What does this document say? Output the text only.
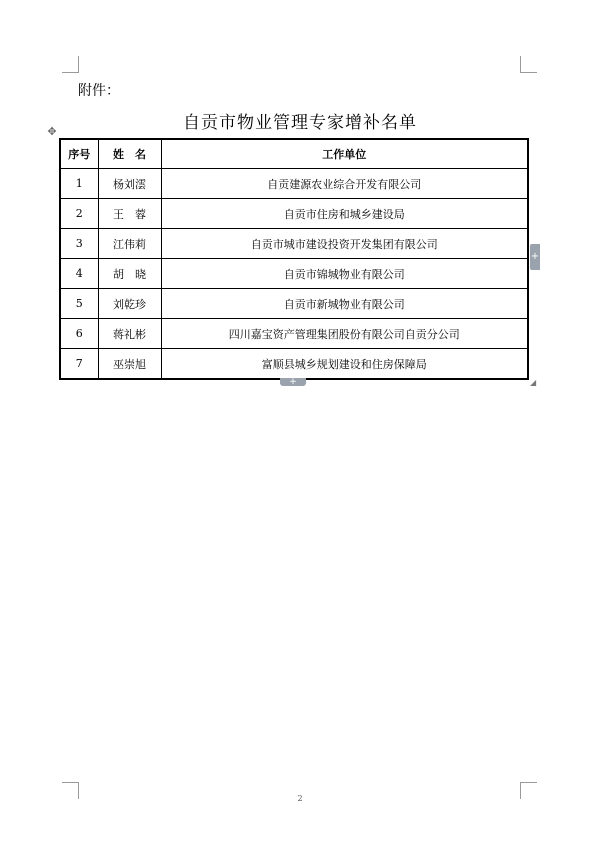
附件：
自贡市物业管理专家增补名单
✥
序号	姓　名	工作单位
1	杨刘澐	自贡建源农业综合开发有限公司
2	王　蓉	自贡市住房和城乡建设局
3	江伟莉	自贡市城市建设投资开发集团有限公司
4	胡　晓	自贡市锦城物业有限公司
5	刘乾珍	自贡市新城物业有限公司
6	蒋礼彬	四川嘉宝资产管理集团股份有限公司自贡分公司
7	巫崇旭	富顺县城乡规划建设和住房保障局
+
+	◢
2
